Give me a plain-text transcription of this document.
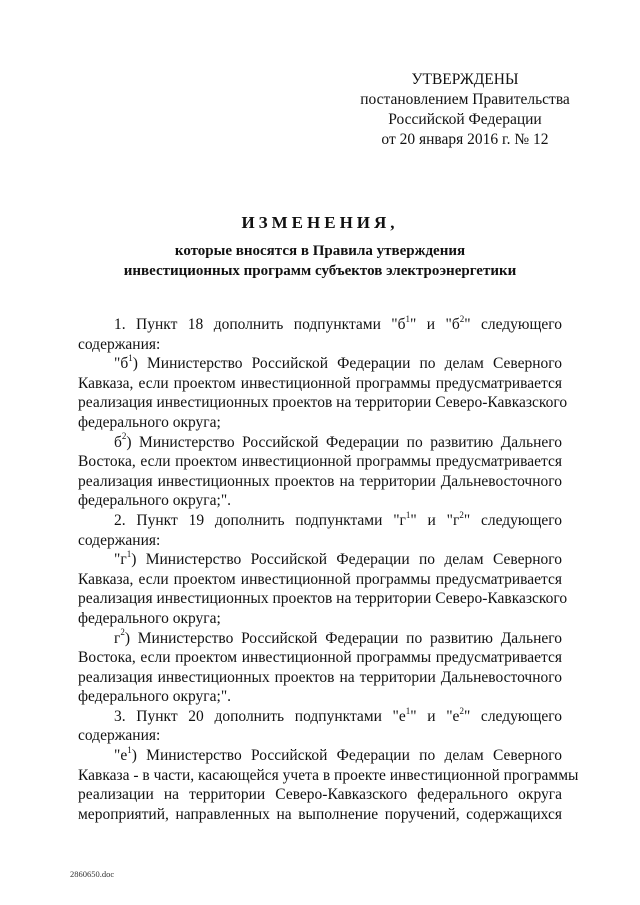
УТВЕРЖДЕНЫ
постановлением Правительства
Российской Федерации
от 20 января 2016 г. № 12
ИЗМЕНЕНИЯ,
которые вносятся в Правила утверждения
инвестиционных программ субъектов электроэнергетики
1. Пункт 18 дополнить подпунктами "$б^1$" и "$б^2$" следующего
содержания:
"$б^1$) Министерство Российской Федерации по делам Северного
Кавказа, если проектом инвестиционной программы предусматривается
реализация инвестиционных проектов на территории Северо-Кавказского
федерального округа;
$б^2$) Министерство Российской Федерации по развитию Дальнего
Востока, если проектом инвестиционной программы предусматривается
реализация инвестиционных проектов на территории Дальневосточного
федерального округа;".
2. Пункт 19 дополнить подпунктами "$г^1$" и "$г^2$" следующего
содержания:
"$г^1$) Министерство Российской Федерации по делам Северного
Кавказа, если проектом инвестиционной программы предусматривается
реализация инвестиционных проектов на территории Северо-Кавказского
федерального округа;
$г^2$) Министерство Российской Федерации по развитию Дальнего
Востока, если проектом инвестиционной программы предусматривается
реализация инвестиционных проектов на территории Дальневосточного
федерального округа;".
3. Пункт 20 дополнить подпунктами "$е^1$" и "$е^2$" следующего
содержания:
"$е^1$) Министерство Российской Федерации по делам Северного
Кавказа - в части, касающейся учета в проекте инвестиционной программы
реализации на территории Северо-Кавказского федерального округа
мероприятий, направленных на выполнение поручений, содержащихся
2860650.doc
